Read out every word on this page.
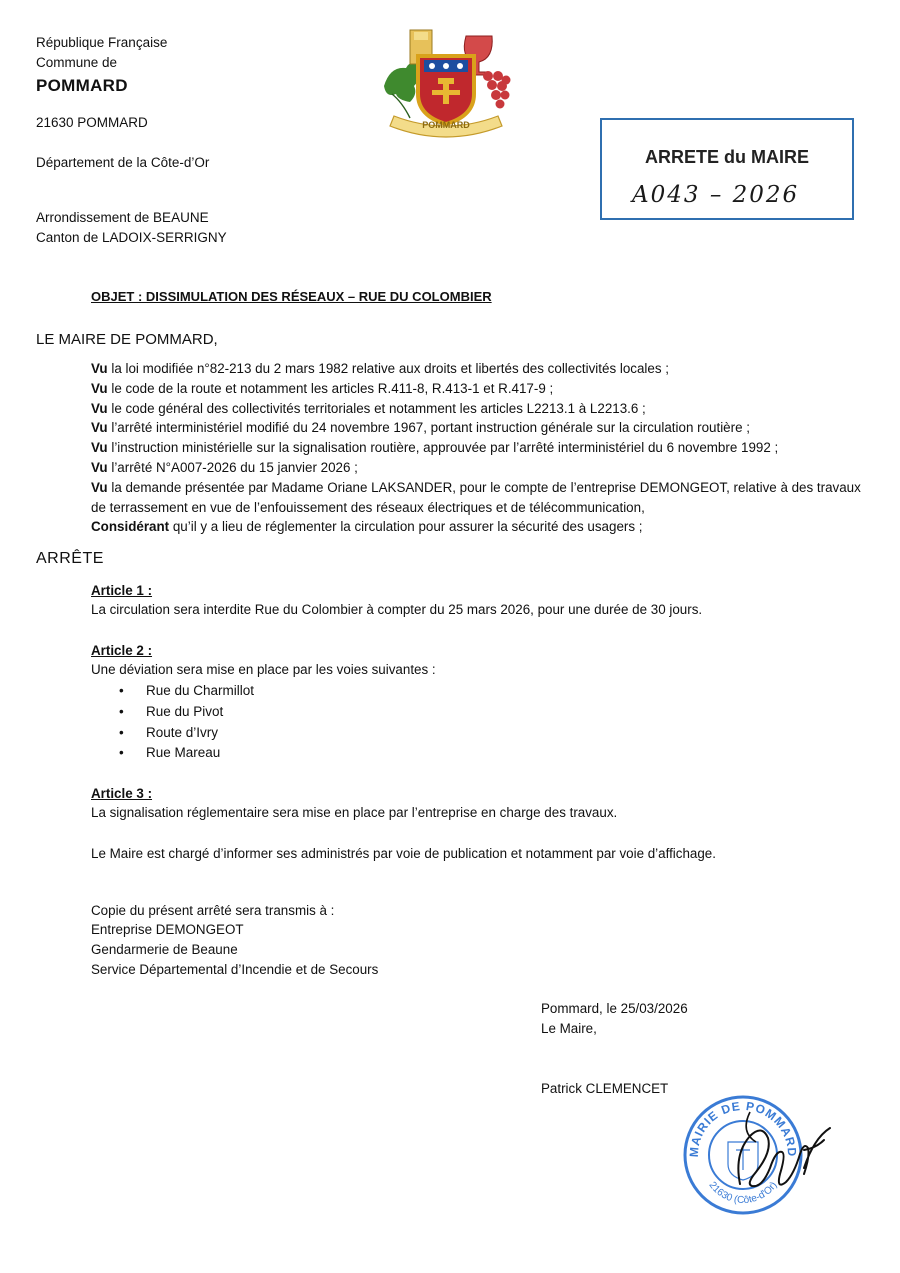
République Française
Commune de
POMMARD
21630 POMMARD
Département de la Côte-d’Or
Arrondissement de BEAUNE
Canton de LADOIX-SERRIGNY
POMMARD
ARRETE du MAIRE
A043 – 2026
OBJET : DISSIMULATION DES RÉSEAUX – RUE DU COLOMBIER
LE MAIRE DE POMMARD,

Vu la loi modifiée n°82-213 du 2 mars 1982 relative aux droits et libertés des collectivités locales ;

Vu le code de la route et notamment les articles R.411-8, R.413-1 et R.417-9 ;

Vu le code général des collectivités territoriales et notamment les articles L2213.1 à L2213.6 ;

Vu l’arrêté interministériel modifié du 24 novembre 1967, portant instruction générale sur la circulation routière ;

Vu l’instruction ministérielle sur la signalisation routière, approuvée par l’arrêté interministériel du 6 novembre 1992 ;

Vu l’arrêté N°A007-2026 du 15 janvier 2026 ;

Vu la demande présentée par Madame Oriane LAKSANDER, pour le compte de l’entreprise DEMONGEOT, relative à des travaux de terrassement en vue de l’enfouissement des réseaux électriques et de télécommunication,

Considérant qu’il y a lieu de réglementer la circulation pour assurer la sécurité des usagers ;

ARRÊTE
Article 1 :
La circulation sera interdite Rue du Colombier à compter du 25 mars 2026, pour une durée de 30 jours.
Article 2 :
Une déviation sera mise en place par les voies suivantes :
• Rue du Charmillot
• Rue du Pivot
• Route d’Ivry
• Rue Mareau
Article 3 :
La signalisation réglementaire sera mise en place par l’entreprise en charge des travaux.
Le Maire est chargé d’informer ses administrés par voie de publication et notamment par voie d’affichage.
Copie du présent arrêté sera transmis à :
Entreprise DEMONGEOT
Gendarmerie de Beaune
Service Départemental d’Incendie et de Secours
Pommard, le 25/03/2026
Le Maire,
Patrick CLEMENCET
MAIRIE DE POMMARD
21630 (Côte-d'Or)
